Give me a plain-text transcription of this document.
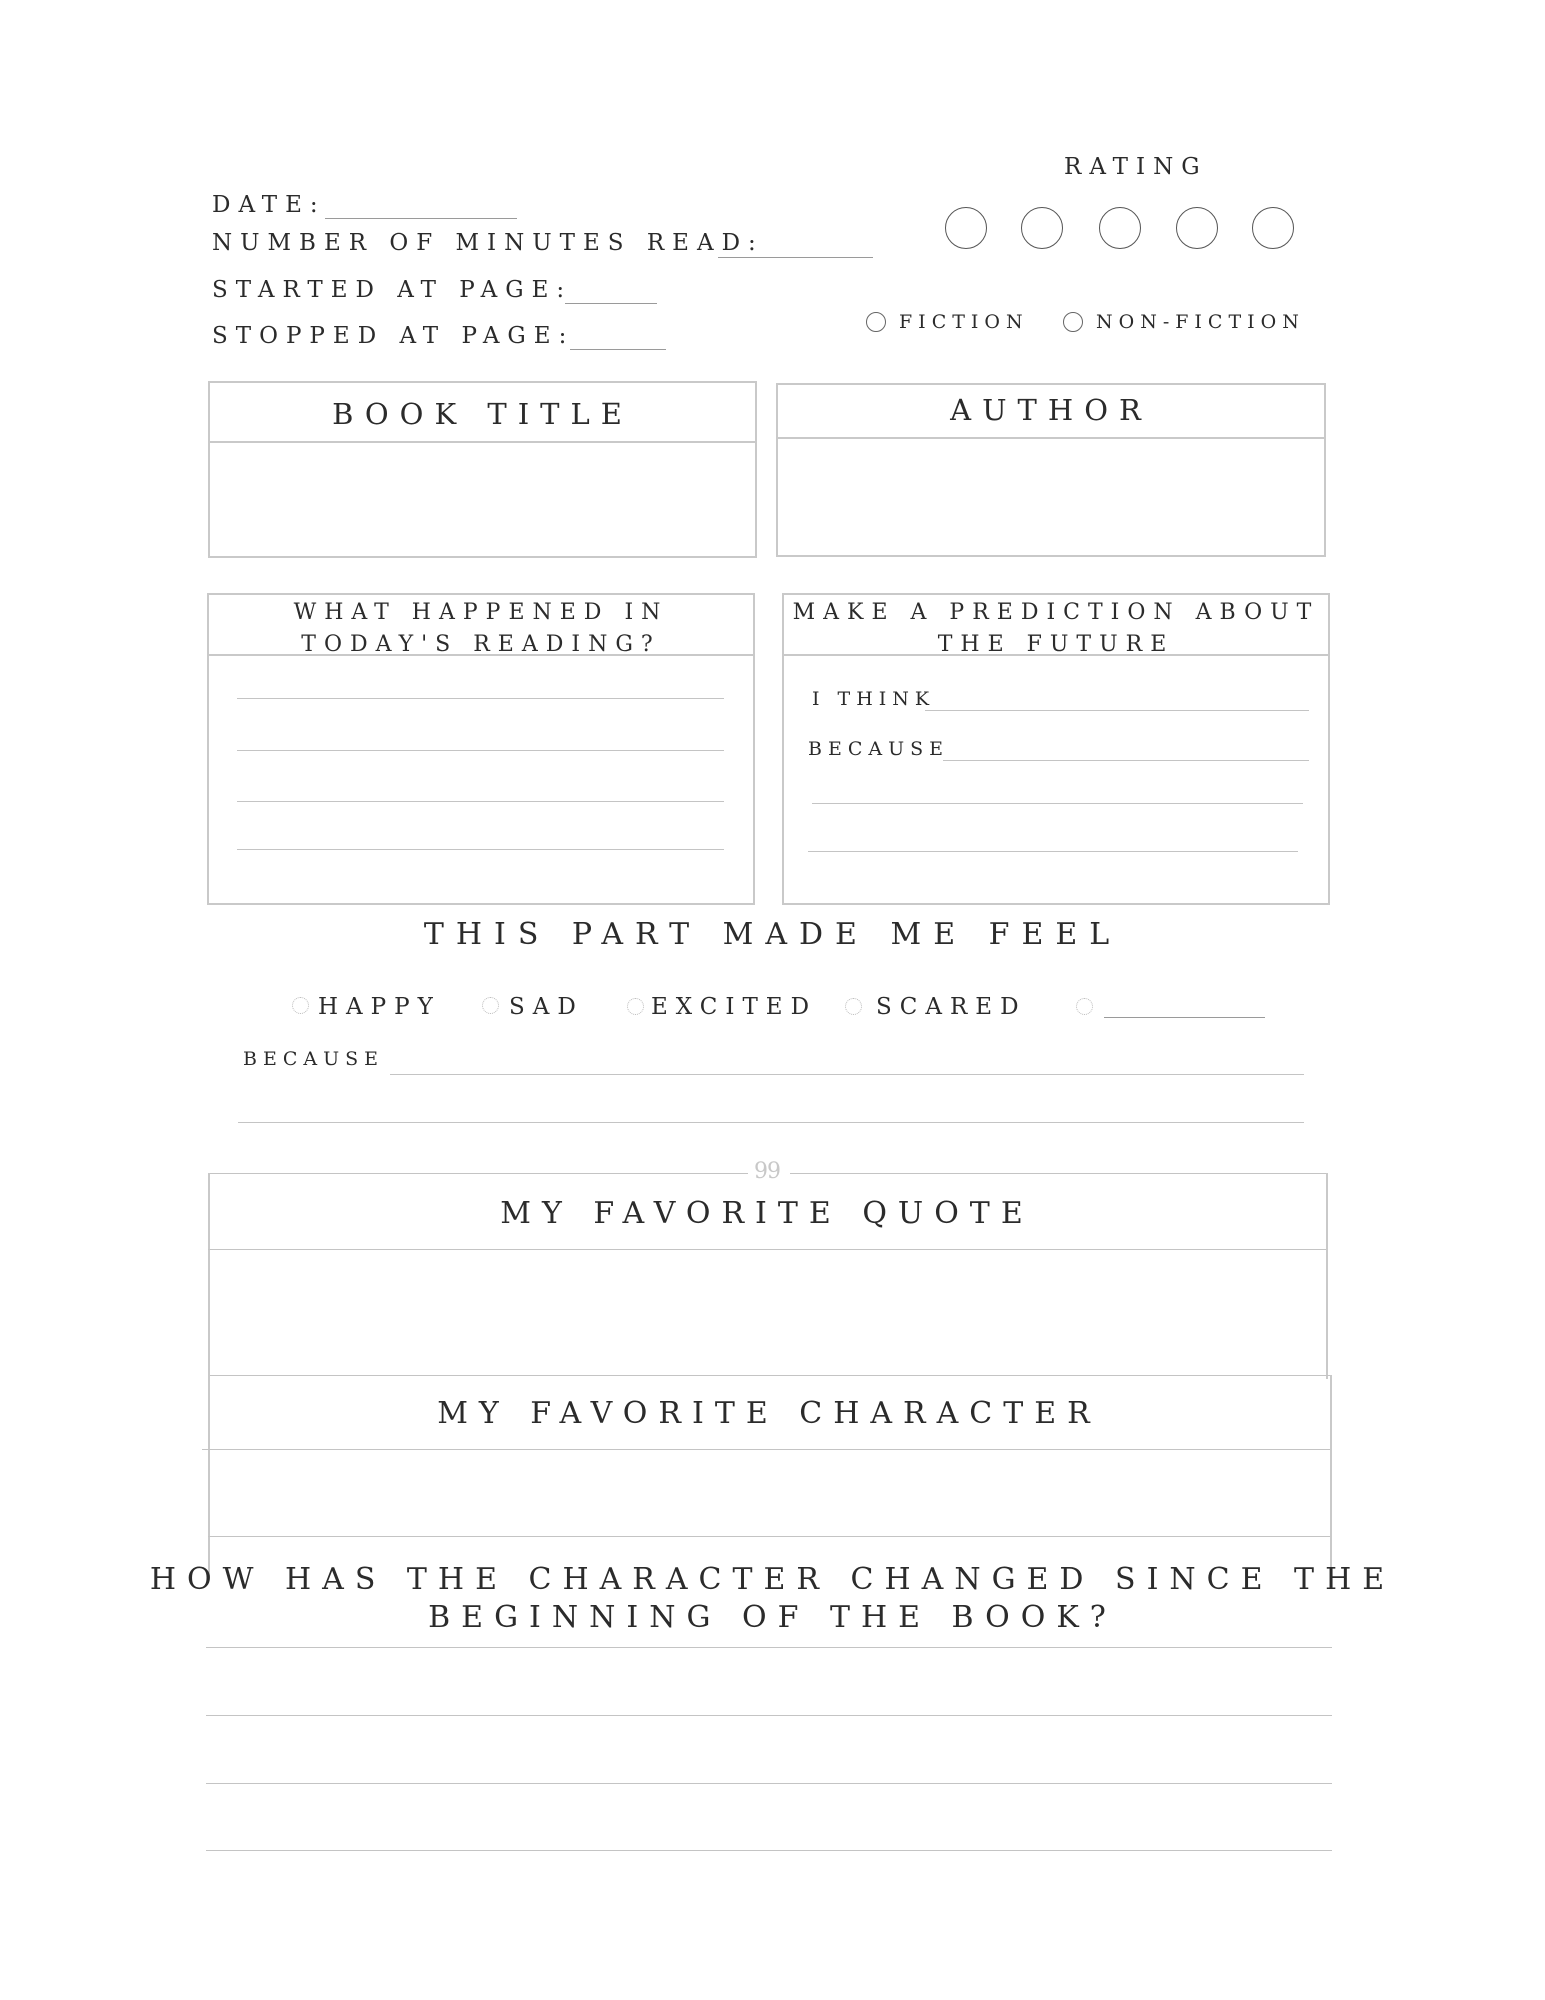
DATE:
NUMBER OF MINUTES READ:
STARTED AT PAGE:
STOPPED AT PAGE:
RATING
FICTION	NON-FICTION
BOOK TITLE	AUTHOR
WHAT HAPPENED IN
TODAY'S READING?
MAKE A PREDICTION ABOUT
THE FUTURE
I THINK
BECAUSE
THIS PART MADE ME FEEL
HAPPY	SAD	EXCITED	SCARED
BECAUSE
99
MY FAVORITE QUOTE
MY FAVORITE CHARACTER
HOW HAS THE CHARACTER CHANGED SINCE THE
BEGINNING OF THE BOOK?
